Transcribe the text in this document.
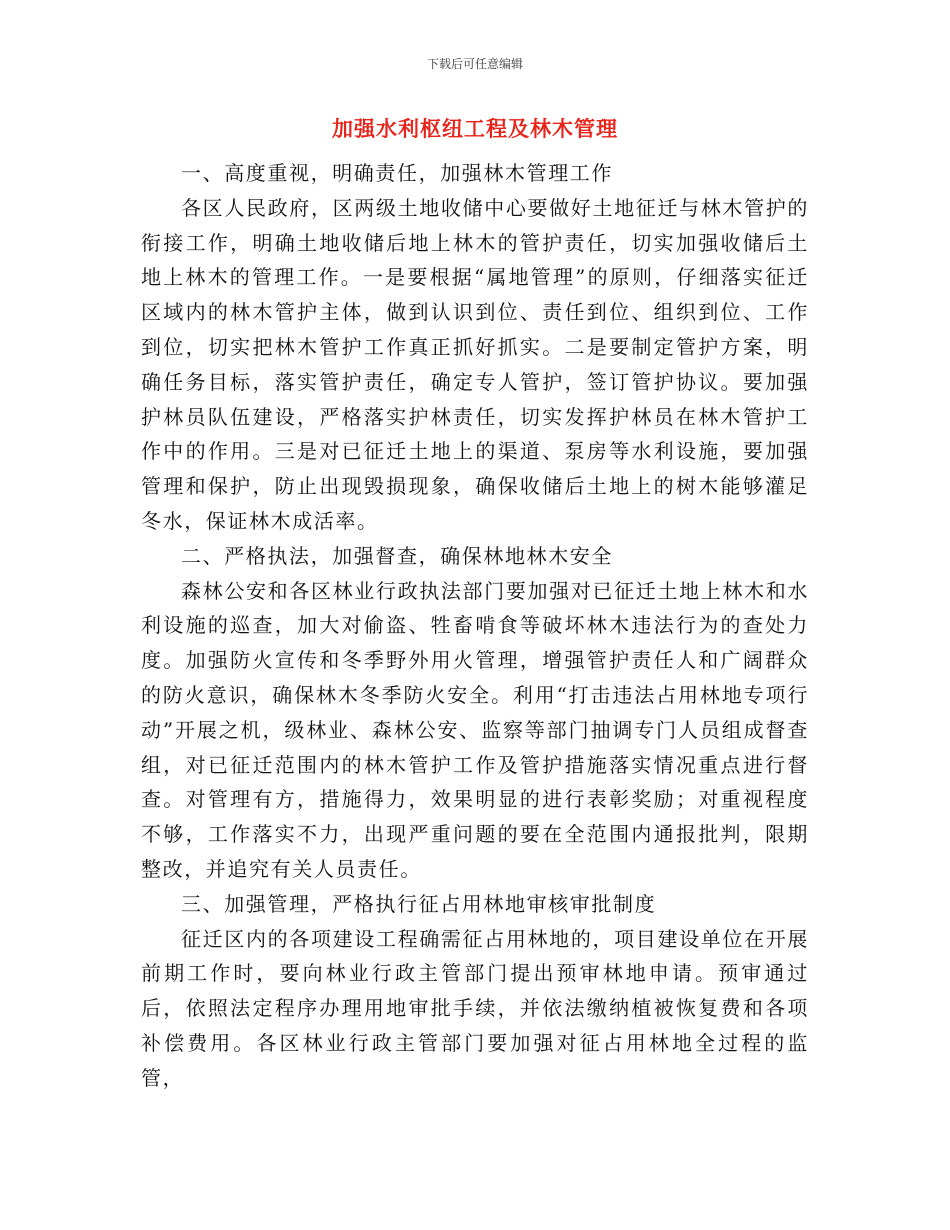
下载后可任意编辑
加强水利枢纽工程及林木管理

一、高度重视，明确责任，加强林木管理工作

各区人民政府，区两级土地收储中心要做好土地征迁与林木管护的衔接工作，明确土地收储后地上林木的管护责任，切实加强收储后土地上林木的管理工作。一是要根据“属地管理”的原则，仔细落实征迁区域内的林木管护主体，做到认识到位、责任到位、组织到位、工作到位，切实把林木管护工作真正抓好抓实。二是要制定管护方案，明确任务目标，落实管护责任，确定专人管护，签订管护协议。要加强护林员队伍建设，严格落实护林责任，切实发挥护林员在林木管护工作中的作用。三是对已征迁土地上的渠道、泵房等水利设施，要加强管理和保护，防止出现毁损现象，确保收储后土地上的树木能够灌足冬水，保证林木成活率。

二、严格执法，加强督查，确保林地林木安全

森林公安和各区林业行政执法部门要加强对已征迁土地上林木和水利设施的巡查，加大对偷盗、牲畜啃食等破坏林木违法行为的查处力度。加强防火宣传和冬季野外用火管理，增强管护责任人和广阔群众的防火意识，确保林木冬季防火安全。利用“打击违法占用林地专项行动”开展之机，级林业、森林公安、监察等部门抽调专门人员组成督查组，对已征迁范围内的林木管护工作及管护措施落实情况重点进行督查。对管理有方，措施得力，效果明显的进行表彰奖励；对重视程度不够，工作落实不力，出现严重问题的要在全范围内通报批判，限期整改，并追究有关人员责任。

三、加强管理，严格执行征占用林地审核审批制度

征迁区内的各项建设工程确需征占用林地的，项目建设单位在开展前期工作时，要向林业行政主管部门提出预审林地申请。预审通过后，依照法定程序办理用地审批手续，并依法缴纳植被恢复费和各项补偿费用。各区林业行政主管部门要加强对征占用林地全过程的监管，
